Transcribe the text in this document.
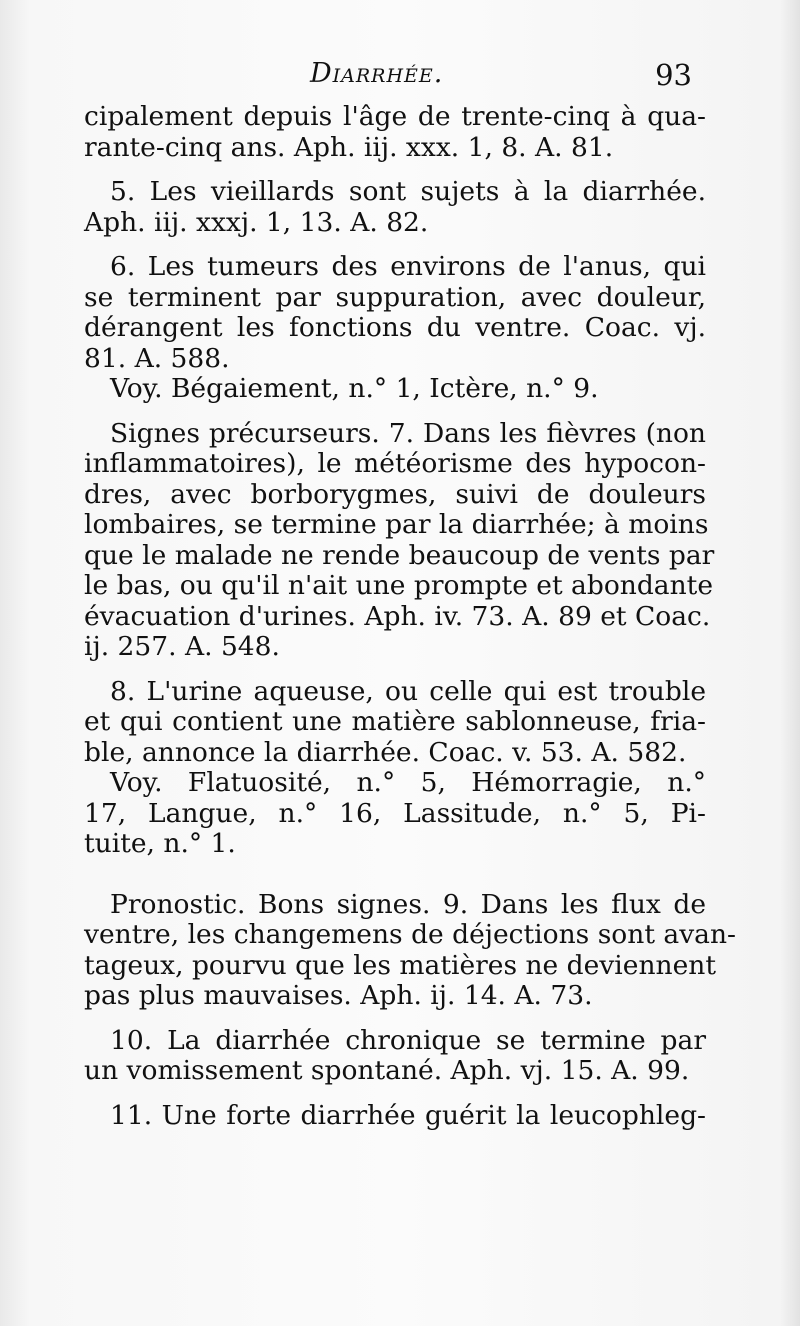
Diarrhée.	93
cipalement depuis l'âge de trente-cinq à qua-
rante-cinq ans. Aph. iij. xxx. 1, 8. A. 81.
5. Les vieillards sont sujets à la diarrhée.
Aph. iij. xxxj. 1, 13. A. 82.
6. Les tumeurs des environs de l'anus, qui
se terminent par suppuration, avec douleur,
dérangent les fonctions du ventre. Coac. vj.
81. A. 588.
Voy. Bégaiement, n.° 1, Ictère, n.° 9.
Signes précurseurs. 7. Dans les fièvres (non
inflammatoires), le météorisme des hypocon-
dres, avec borborygmes, suivi de douleurs
lombaires, se termine par la diarrhée; à moins
que le malade ne rende beaucoup de vents par
le bas, ou qu'il n'ait une prompte et abondante
évacuation d'urines. Aph. iv. 73. A. 89 et Coac.
ij. 257. A. 548.
8. L'urine aqueuse, ou celle qui est trouble
et qui contient une matière sablonneuse, fria-
ble, annonce la diarrhée. Coac. v. 53. A. 582.
Voy. Flatuosité, n.° 5, Hémorragie, n.°
17, Langue, n.° 16, Lassitude, n.° 5, Pi-
tuite, n.° 1.
Pronostic. Bons signes. 9. Dans les flux de
ventre, les changemens de déjections sont avan-
tageux, pourvu que les matières ne deviennent
pas plus mauvaises. Aph. ij. 14. A. 73.
10. La diarrhée chronique se termine par
un vomissement spontané. Aph. vj. 15. A. 99.
11. Une forte diarrhée guérit la leucophleg-
